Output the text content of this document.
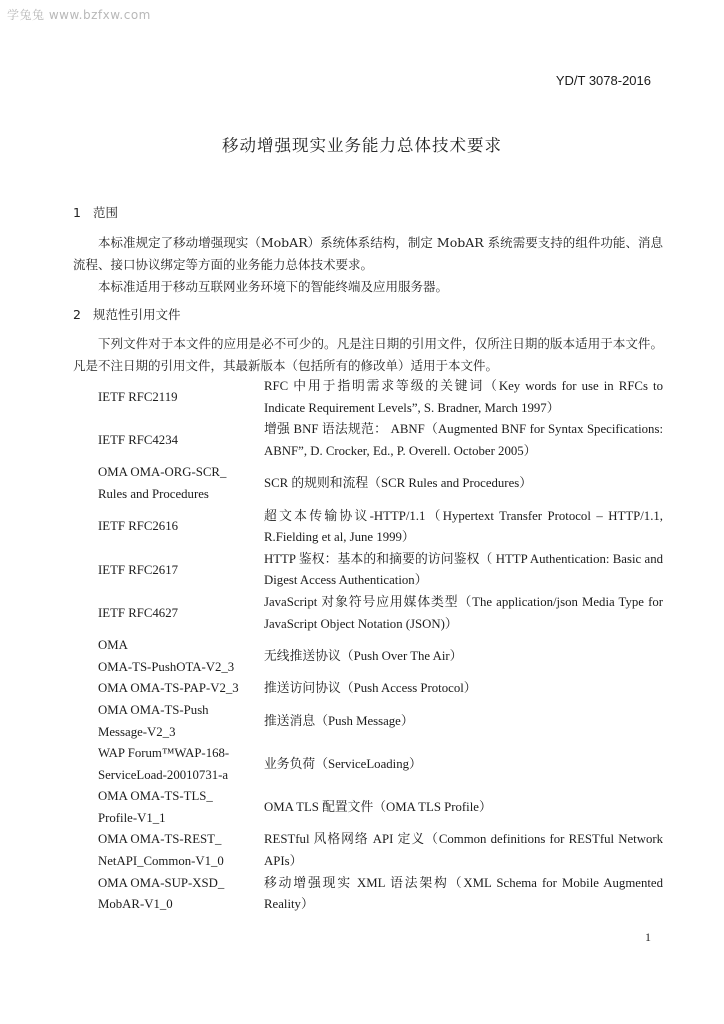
学兔兔 www.bzfxw.com
YD/T 3078-2016
移动增强现实业务能力总体技术要求
1 范围

本标准规定了移动增强现实（MobAR）系统体系结构，制定 MobAR 系统需要支持的组件功能、消息流程、接口协议绑定等方面的业务能力总体技术要求。

本标准适用于移动互联网业务环境下的智能终端及应用服务器。

2 规范性引用文件

下列文件对于本文件的应用是必不可少的。凡是注日期的引用文件，仅所注日期的版本适用于本文件。凡是不注日期的引用文件，其最新版本（包括所有的修改单）适用于本文件。

IETF RFC2119
RFC 中用于指明需求等级的关键词（Key words for use in RFCs to Indicate Requirement Levels”, S. Bradner, March 1997）
IETF RFC4234
增强 BNF 语法规范： ABNF（Augmented BNF for Syntax Specifications: ABNF”, D. Crocker, Ed., P. Overell. October 2005）
OMA OMA-ORG-SCR_
Rules and Procedures
SCR 的规则和流程（SCR Rules and Procedures）
IETF RFC2616
超文本传输协议-HTTP/1.1（Hypertext Transfer Protocol – HTTP/1.1, R.Fielding et al, June 1999）
IETF RFC2617
HTTP 鉴权：基本的和摘要的访问鉴权（ HTTP Authentication: Basic and Digest Access Authentication）
IETF RFC4627
JavaScript 对象符号应用媒体类型（The application/json Media Type for JavaScript Object Notation (JSON)）
OMA
OMA-TS-PushOTA-V2_3
无线推送协议（Push Over The Air）
OMA OMA-TS-PAP-V2_3	推送访问协议（Push Access Protocol）
OMA OMA-TS-Push
Message-V2_3
推送消息（Push Message）
WAP Forum™WAP-168-
ServiceLoad-20010731-a
业务负荷（ServiceLoading）
OMA OMA-TS-TLS_
Profile-V1_1
OMA TLS 配置文件（OMA TLS Profile）
OMA OMA-TS-REST_
NetAPI_Common-V1_0
RESTful 风格网络 API 定义（Common definitions for RESTful Network APIs）
OMA OMA-SUP-XSD_
MobAR-V1_0
移动增强现实 XML 语法架构（XML Schema for Mobile Augmented Reality）
1
